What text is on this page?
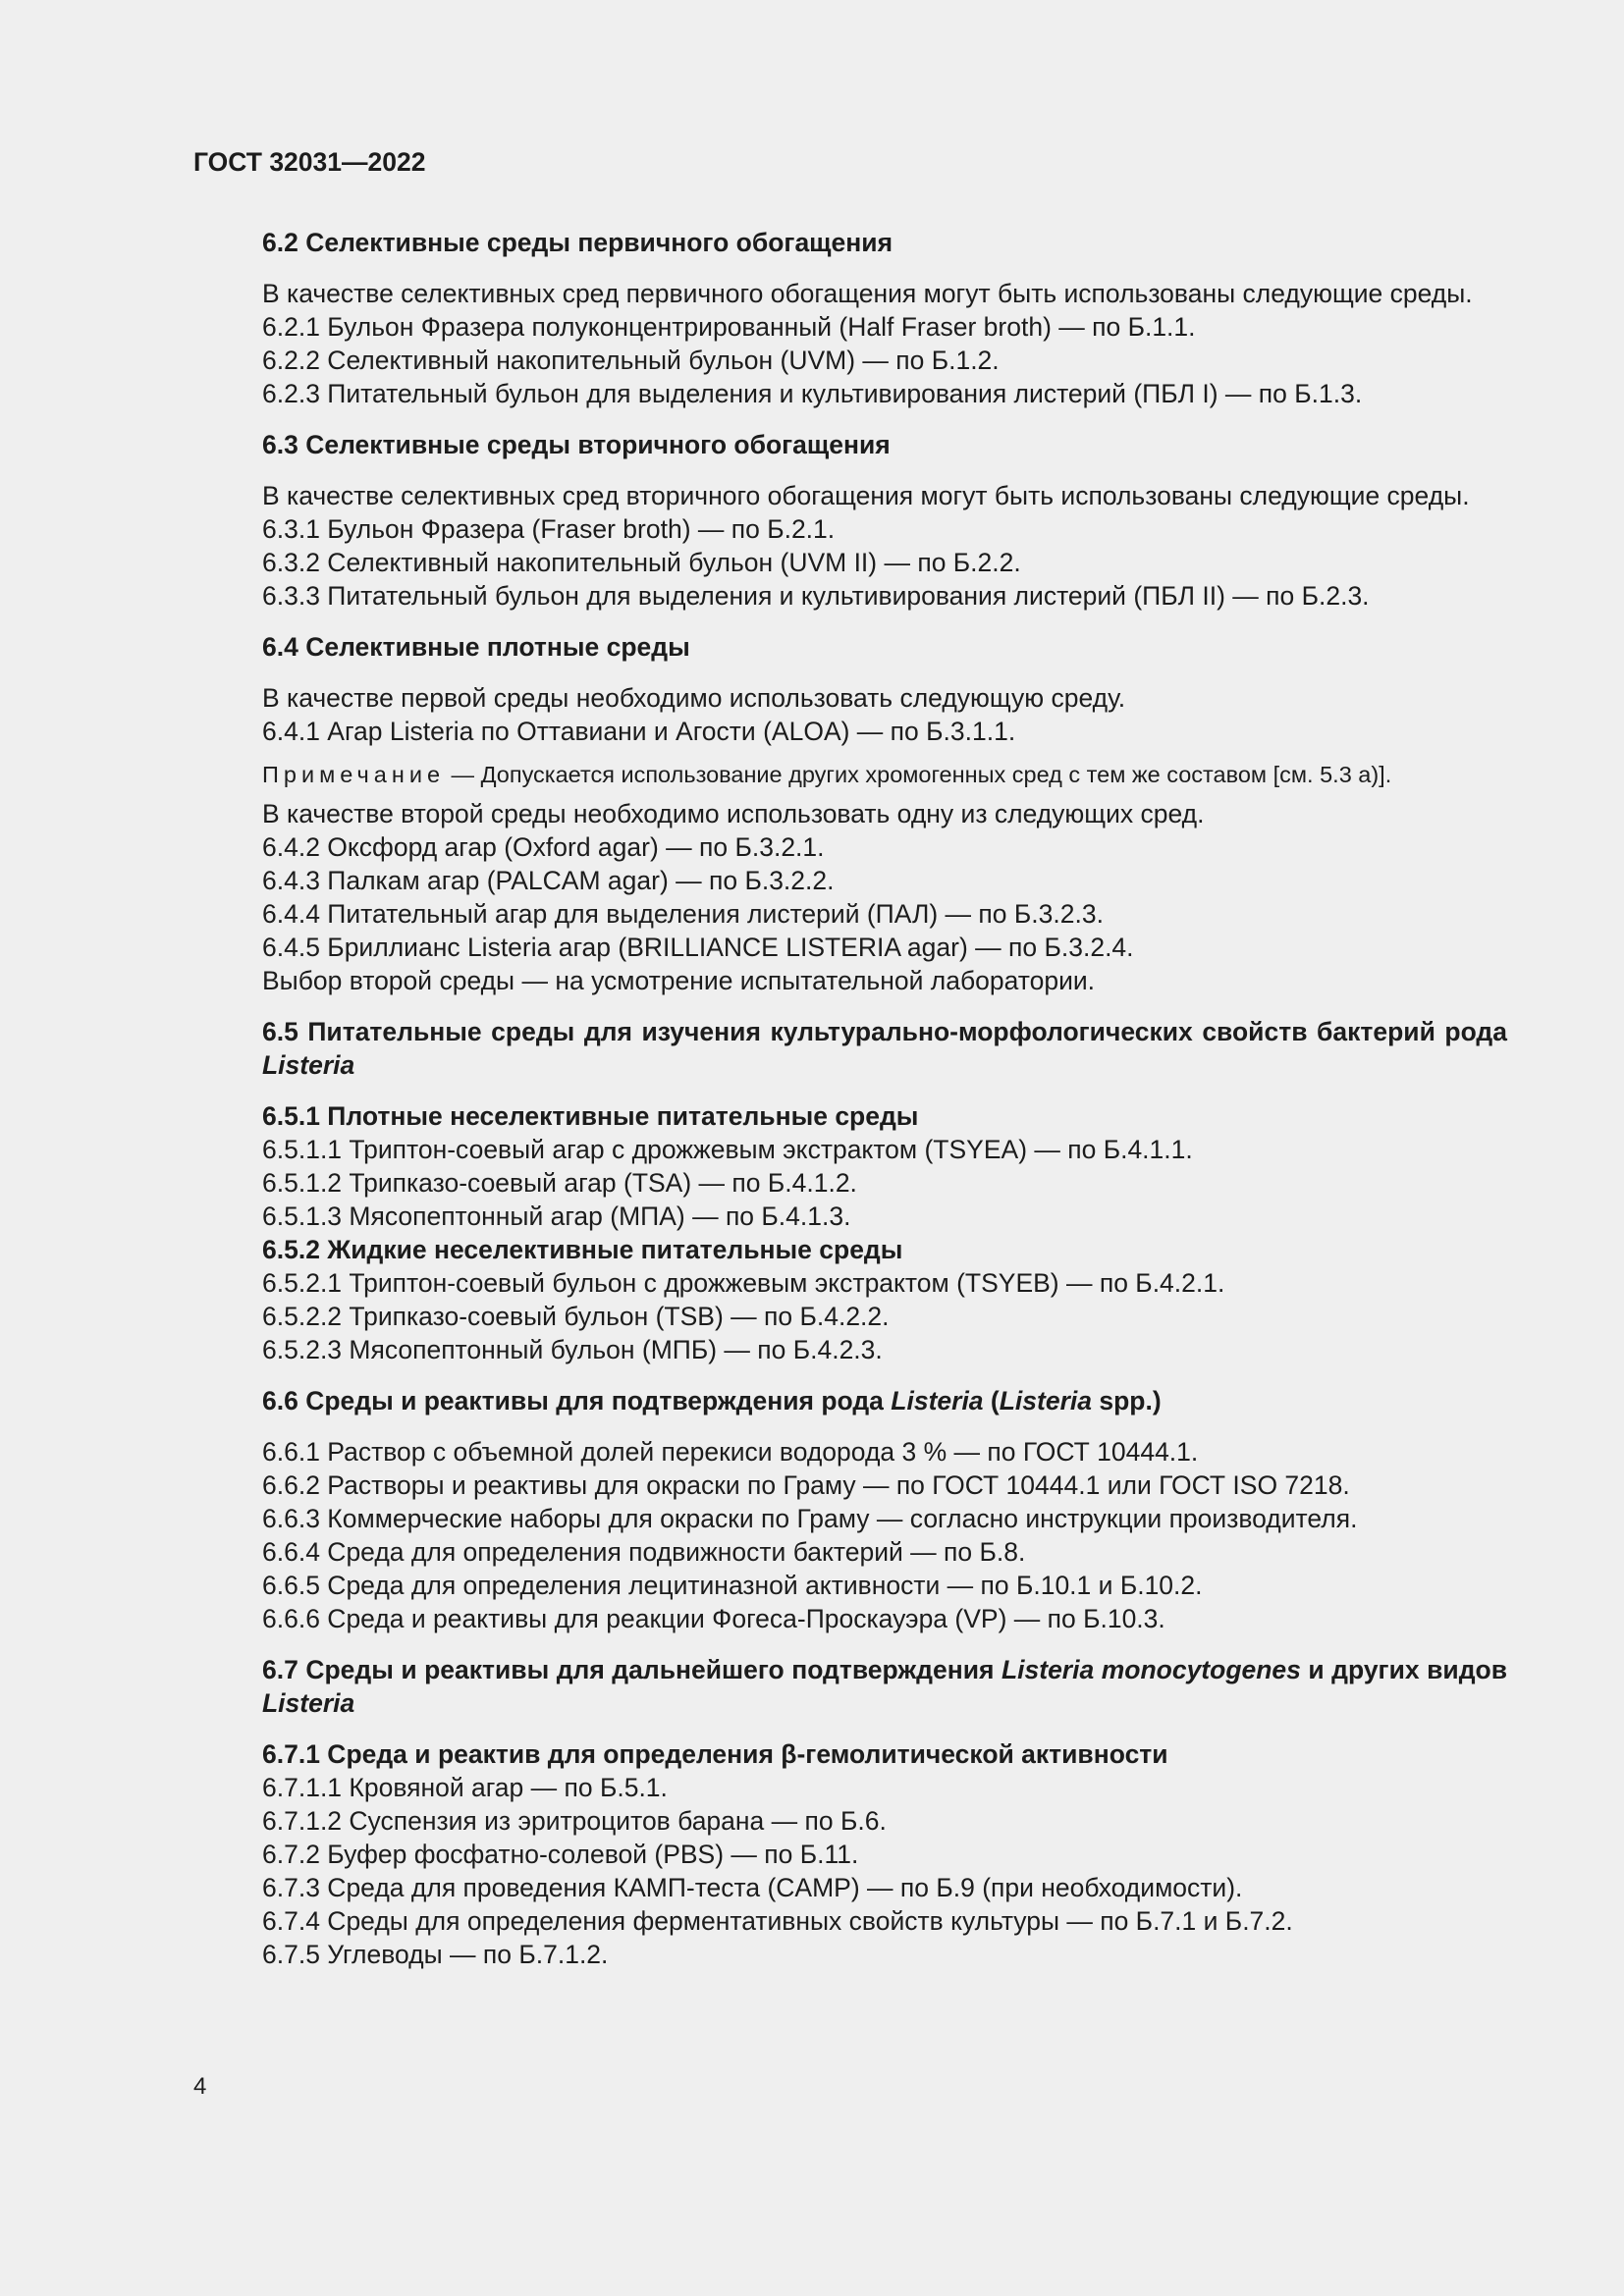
ГОСТ 32031—2022

6.2 Селективные среды первичного обогащения

В качестве селективных сред первичного обогащения могут быть использованы следующие среды.

6.2.1 Бульон Фразера полуконцентрированный (Half Fraser broth) — по Б.1.1.

6.2.2 Селективный накопительный бульон (UVM) — по Б.1.2.

6.2.3 Питательный бульон для выделения и культивирования листерий (ПБЛ I) — по Б.1.3.

6.3 Селективные среды вторичного обогащения

В качестве селективных сред вторичного обогащения могут быть использованы следующие среды.

6.3.1 Бульон Фразера (Fraser broth) — по Б.2.1.

6.3.2 Селективный накопительный бульон (UVM II) — по Б.2.2.

6.3.3 Питательный бульон для выделения и культивирования листерий (ПБЛ II) — по Б.2.3.

6.4 Селективные плотные среды

В качестве первой среды необходимо использовать следующую среду.

6.4.1 Агар Listeria по Оттавиани и Агости (ALOA) — по Б.3.1.1.

Примечание — Допускается использование других хромогенных сред с тем же составом [см. 5.3 а)].

В качестве второй среды необходимо использовать одну из следующих сред.

6.4.2 Оксфорд агар (Oxford agar) — по Б.3.2.1.

6.4.3 Палкам агар (PALCAM agar) — по Б.3.2.2.

6.4.4 Питательный агар для выделения листерий (ПАЛ) — по Б.3.2.3.

6.4.5 Бриллианс Listeria агар (BRILLIANCE LISTERIA agar) — по Б.3.2.4.

Выбор второй среды — на усмотрение испытательной лаборатории.

6.5 Питательные среды для изучения культурально-морфологических свойств бактерий рода Listeria

6.5.1 Плотные неселективные питательные среды

6.5.1.1 Триптон-соевый агар с дрожжевым экстрактом (TSYEA) — по Б.4.1.1.

6.5.1.2 Трипказо-соевый агар (TSA) — по Б.4.1.2.

6.5.1.3 Мясопептонный агар (МПА) — по Б.4.1.3.

6.5.2 Жидкие неселективные питательные среды

6.5.2.1 Триптон-соевый бульон с дрожжевым экстрактом (TSYEB) — по Б.4.2.1.

6.5.2.2 Трипказо-соевый бульон (TSB) — по Б.4.2.2.

6.5.2.3 Мясопептонный бульон (МПБ) — по Б.4.2.3.

6.6 Среды и реактивы для подтверждения рода Listeria (Listeria spp.)

6.6.1 Раствор с объемной долей перекиси водорода 3 % — по ГОСТ 10444.1.

6.6.2 Растворы и реактивы для окраски по Граму — по ГОСТ 10444.1 или ГОСТ ISO 7218.

6.6.3 Коммерческие наборы для окраски по Граму — согласно инструкции производителя.

6.6.4 Среда для определения подвижности бактерий — по Б.8.

6.6.5 Среда для определения лецитиназной активности — по Б.10.1 и Б.10.2.

6.6.6 Среда и реактивы для реакции Фогеса-Проскауэра (VP) — по Б.10.3.

6.7 Среды и реактивы для дальнейшего подтверждения Listeria monocytogenes и других видов Listeria

6.7.1 Среда и реактив для определения β-гемолитической активности

6.7.1.1 Кровяной агар — по Б.5.1.

6.7.1.2 Суспензия из эритроцитов барана — по Б.6.

6.7.2 Буфер фосфатно-солевой (PBS) — по Б.11.

6.7.3 Среда для проведения КАМП-теста (CAMP) — по Б.9 (при необходимости).

6.7.4 Среды для определения ферментативных свойств культуры — по Б.7.1 и Б.7.2.

6.7.5 Углеводы — по Б.7.1.2.

4
